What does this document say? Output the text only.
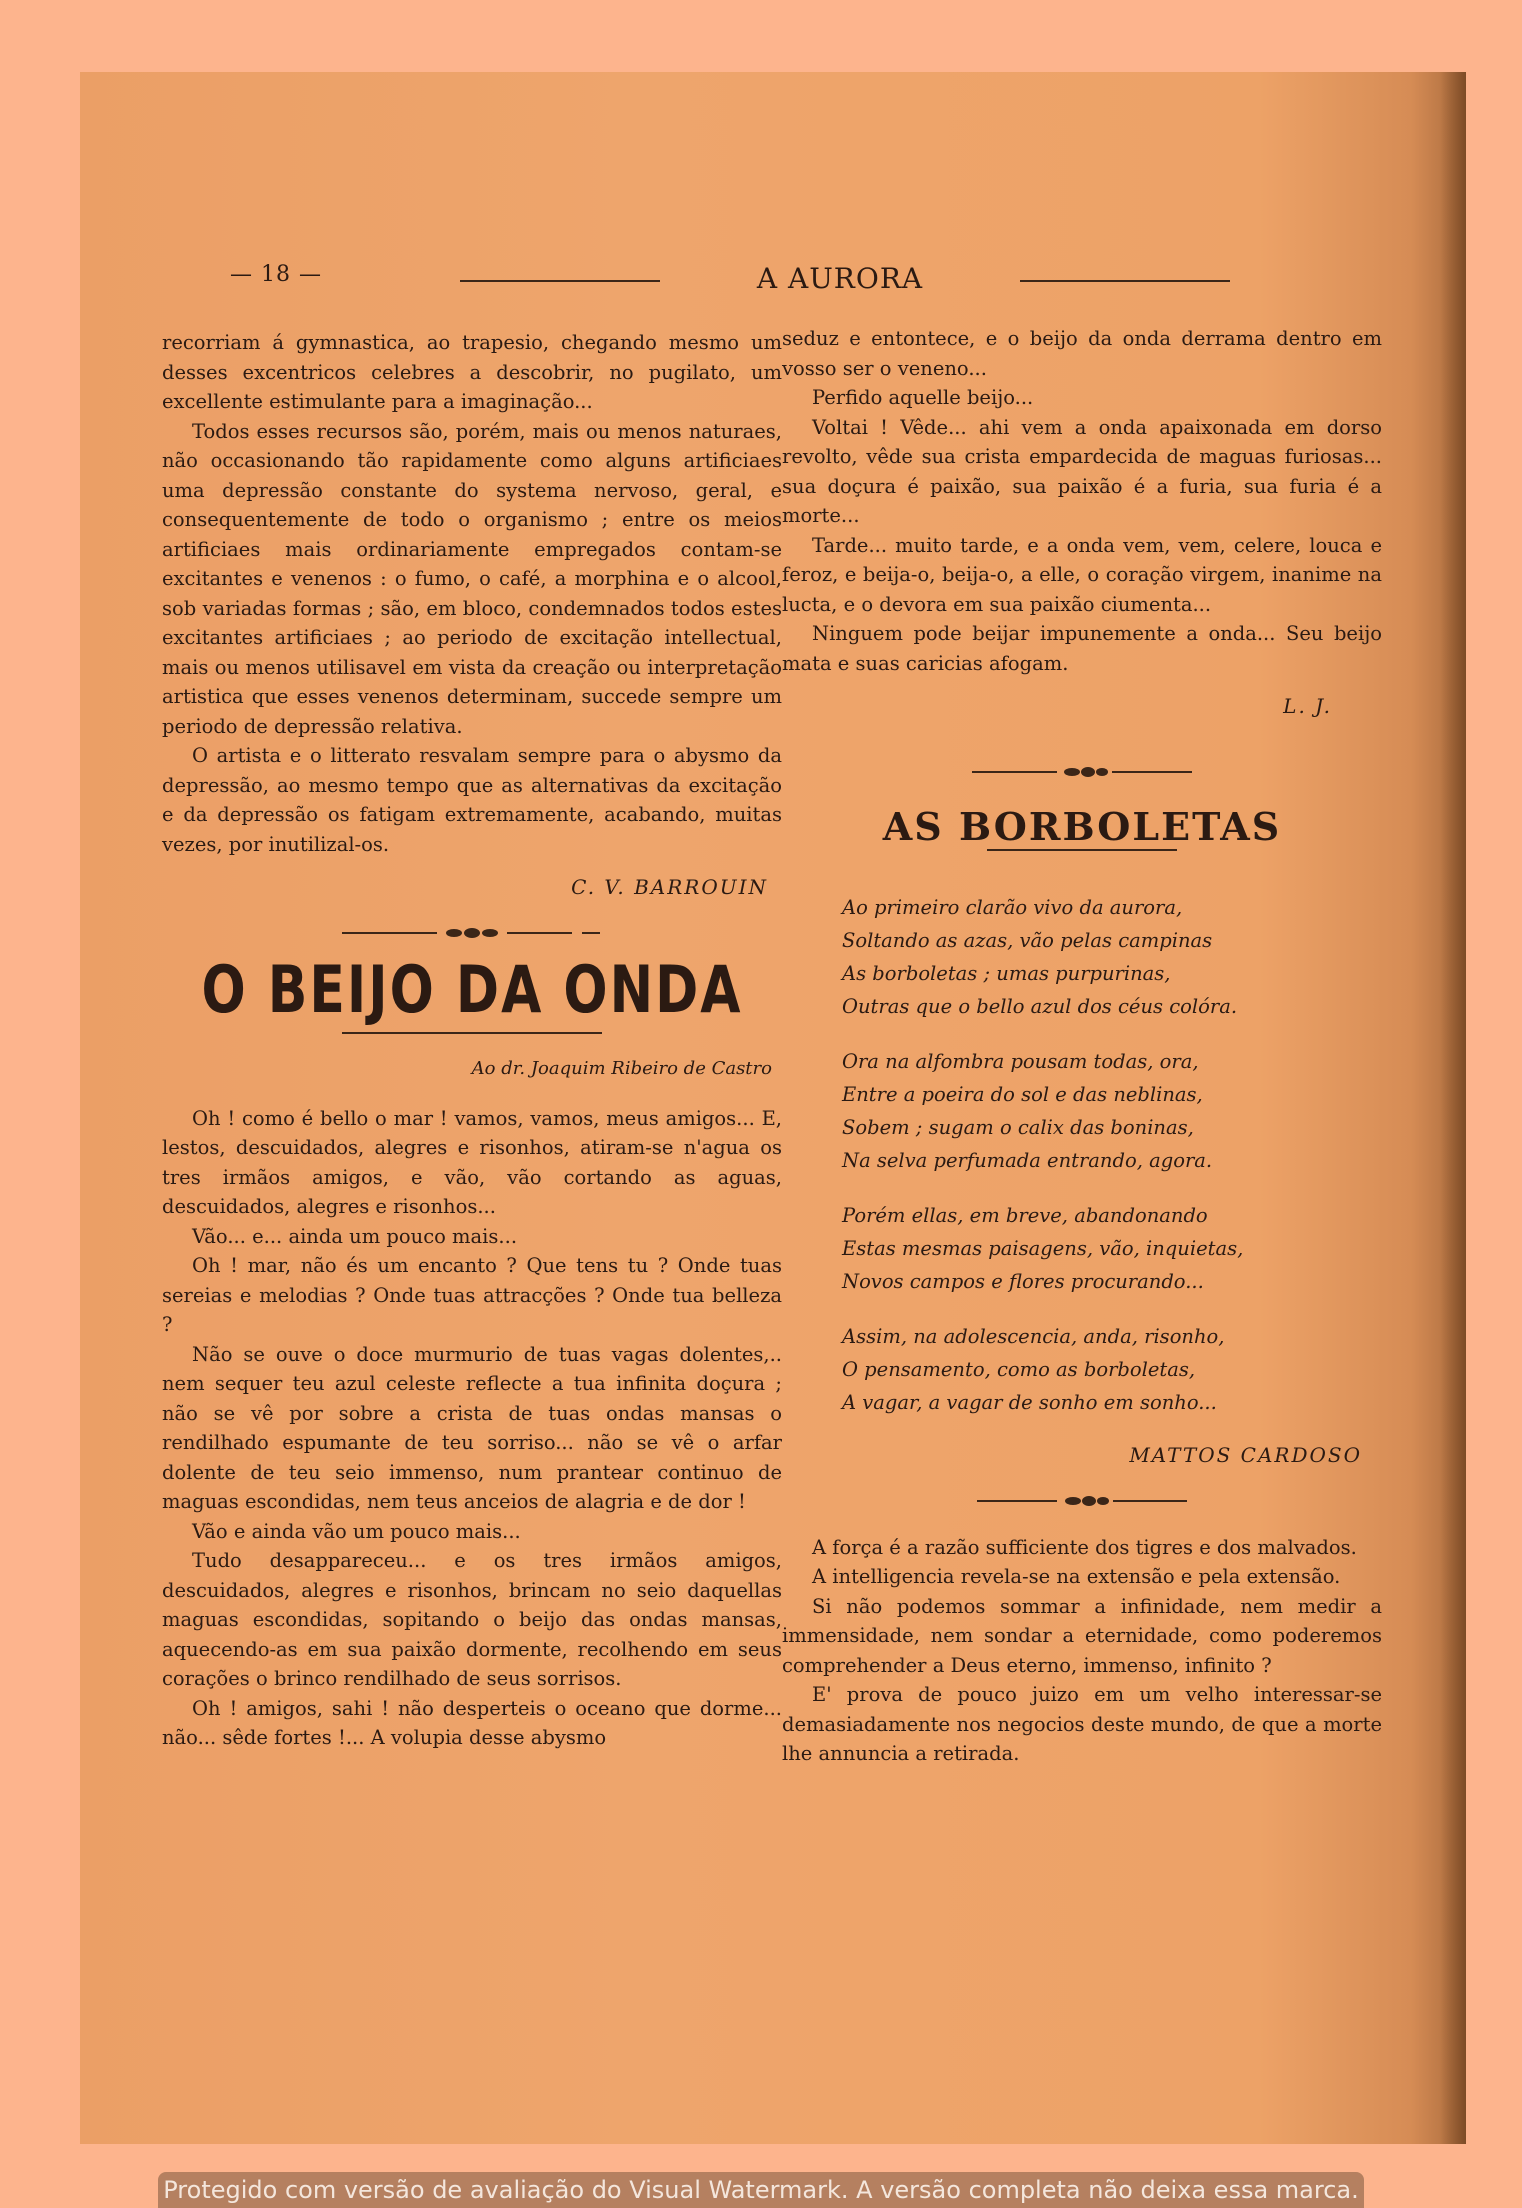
— 18 —	A AURORA

recorriam á gymnastica, ao trapesio, chegando mesmo um desses excentricos celebres a descobrir, no pugilato, um excellente estimulante para a imaginação...

Todos esses recursos são, porém, mais ou menos naturaes, não occasionando tão rapidamente como alguns artificiaes uma depressão constante do systema nervoso, geral, e consequentemente de todo o organismo ; entre os meios artificiaes mais ordinariamente empregados contam-se excitantes e venenos : o fumo, o café, a morphina e o alcool, sob variadas formas ; são, em bloco, condemnados todos estes excitantes artificiaes ; ao periodo de excitação intellectual, mais ou menos utilisavel em vista da creação ou interpretação artistica que esses venenos determinam, succede sempre um periodo de depressão relativa.

O artista e o litterato resvalam sempre para o abysmo da depressão, ao mesmo tempo que as alternativas da excitação e da depressão os fatigam extremamente, acabando, muitas vezes, por inutilizal-os.

C. V. BARROUIN
O BEIJO DA ONDA
Ao dr. Joaquim Ribeiro de Castro

Oh ! como é bello o mar ! vamos, vamos, meus amigos... E, lestos, descuidados, alegres e risonhos, atiram-se n'agua os tres irmãos amigos, e vão, vão cortando as aguas, descuidados, alegres e risonhos...

Vão... e... ainda um pouco mais...

Oh ! mar, não és um encanto ? Que tens tu ? Onde tuas sereias e melodias ? Onde tuas attracções ? Onde tua belleza ?

Não se ouve o doce murmurio de tuas vagas dolentes,.. nem sequer teu azul celeste reflecte a tua infinita doçura ; não se vê por sobre a crista de tuas ondas mansas o rendilhado espumante de teu sorriso... não se vê o arfar dolente de teu seio immenso, num prantear continuo de maguas escondidas, nem teus anceios de alagria e de dor !

Vão e ainda vão um pouco mais...

Tudo desappareceu... e os tres irmãos amigos, descuidados, alegres e risonhos, brincam no seio daquellas maguas escondidas, sopitando o beijo das ondas mansas, aquecendo-as em sua paixão dormente, recolhendo em seus corações o brinco rendilhado de seus sorrisos.

Oh ! amigos, sahi ! não desperteis o oceano que dorme... não... sêde fortes !... A volupia desse abysmo

seduz e entontece, e o beijo da onda derrama dentro em vosso ser o veneno...

Perfido aquelle beijo...

Voltai ! Vêde... ahi vem a onda apaixonada em dorso revolto, vêde sua crista empardecida de maguas furiosas... sua doçura é paixão, sua paixão é a furia, sua furia é a morte...

Tarde... muito tarde, e a onda vem, vem, celere, louca e feroz, e beija-o, beija-o, a elle, o coração virgem, inanime na lucta, e o devora em sua paixão ciumenta...

Ninguem pode beijar impunemente a onda... Seu beijo mata e suas caricias afogam.

L. J.
AS BORBOLETAS
Ao primeiro clarão vivo da aurora,
Soltando as azas, vão pelas campinas
As borboletas ; umas purpurinas,
Outras que o bello azul dos céus colóra.
Ora na alfombra pousam todas, ora,
Entre a poeira do sol e das neblinas,
Sobem ; sugam o calix das boninas,
Na selva perfumada entrando, agora.
Porém ellas, em breve, abandonando
Estas mesmas paisagens, vão, inquietas,
Novos campos e flores procurando...
Assim, na adolescencia, anda, risonho,
O pensamento, como as borboletas,
A vagar, a vagar de sonho em sonho...
MATTOS CARDOSO

A força é a razão sufficiente dos tigres e dos malvados.

A intelligencia revela-se na extensão e pela extensão.

Si não podemos sommar a infinidade, nem medir a immensidade, nem sondar a eternidade, como poderemos comprehender a Deus eterno, immenso, infinito ?

E' prova de pouco juizo em um velho interessar-se demasiadamente nos negocios deste mundo, de que a morte lhe annuncia a retirada.

Protegido com versão de avaliação do Visual Watermark. A versão completa não deixa essa marca.
